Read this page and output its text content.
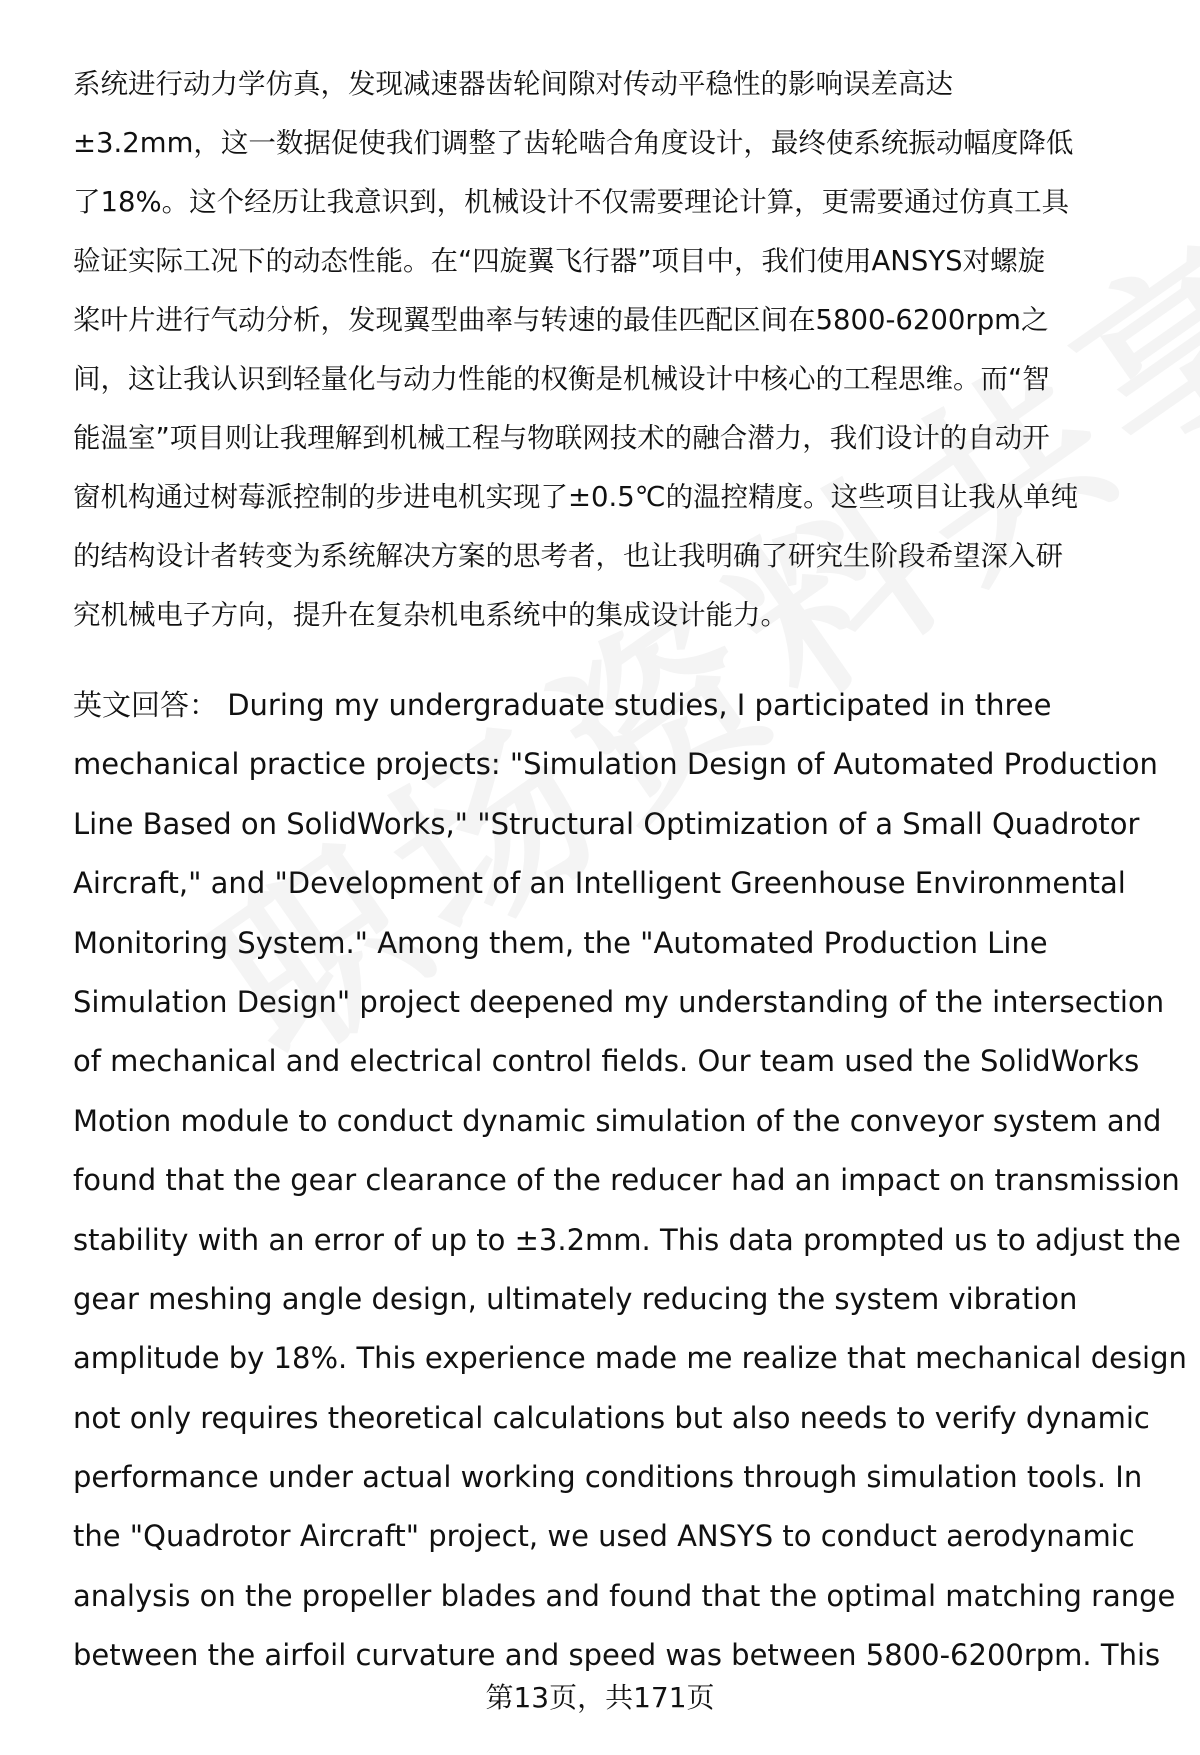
系统进行动力学仿真，发现减速器齿轮间隙对传动平稳性的影响误差高达
±3.2mm，这一数据促使我们调整了齿轮啮合角度设计，最终使系统振动幅度降低
了18%。这个经历让我意识到，机械设计不仅需要理论计算，更需要通过仿真工具
验证实际工况下的动态性能。在“四旋翼飞行器”项目中，我们使用ANSYS对螺旋
桨叶片进行气动分析，发现翼型曲率与转速的最佳匹配区间在5800-6200rpm之
间，这让我认识到轻量化与动力性能的权衡是机械设计中核心的工程思维。而“智
能温室”项目则让我理解到机械工程与物联网技术的融合潜力，我们设计的自动开
窗机构通过树莓派控制的步进电机实现了±0.5℃的温控精度。这些项目让我从单纯
的结构设计者转变为系统解决方案的思考者，也让我明确了研究生阶段希望深入研
究机械电子方向，提升在复杂机电系统中的集成设计能力。
英文回答： During my undergraduate studies, I participated in three
mechanical practice projects: "Simulation Design of Automated Production
Line Based on SolidWorks," "Structural Optimization of a Small Quadrotor
Aircraft," and "Development of an Intelligent Greenhouse Environmental
Monitoring System." Among them, the "Automated Production Line
Simulation Design" project deepened my understanding of the intersection
of mechanical and electrical control fields. Our team used the SolidWorks
Motion module to conduct dynamic simulation of the conveyor system and
found that the gear clearance of the reducer had an impact on transmission
stability with an error of up to ±3.2mm. This data prompted us to adjust the
gear meshing angle design, ultimately reducing the system vibration
amplitude by 18%. This experience made me realize that mechanical design
not only requires theoretical calculations but also needs to verify dynamic
performance under actual working conditions through simulation tools. In
the "Quadrotor Aircraft" project, we used ANSYS to conduct aerodynamic
analysis on the propeller blades and found that the optimal matching range
between the airfoil curvature and speed was between 5800-6200rpm. This
第13页，共171页
